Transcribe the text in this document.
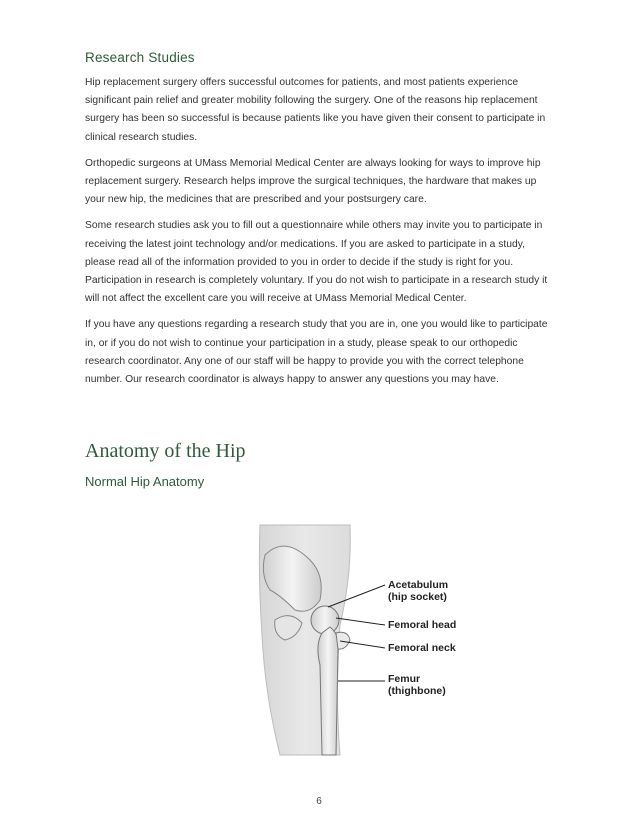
Research Studies

Hip replacement surgery offers successful outcomes for patients, and most patients experience significant pain relief and greater mobility following the surgery. One of the reasons hip replacement surgery has been so successful is because patients like you have given their consent to participate in clinical research studies.

Orthopedic surgeons at UMass Memorial Medical Center are always looking for ways to improve hip replacement surgery. Research helps improve the surgical techniques, the hardware that makes up your new hip, the medicines that are prescribed and your postsurgery care.

Some research studies ask you to fill out a questionnaire while others may invite you to participate in receiving the latest joint technology and/or medications. If you are asked to participate in a study, please read all of the information provided to you in order to decide if the study is right for you. Participation in research is completely voluntary. If you do not wish to participate in a research study it will not affect the excellent care you will receive at UMass Memorial Medical Center.

If you have any questions regarding a research study that you are in, one you would like to participate in, or if you do not wish to continue your participation in a study, please speak to our orthopedic research coordinator. Any one of our staff will be happy to provide you with the correct telephone number. Our research coordinator is always happy to answer any questions you may have.

Anatomy of the Hip
Normal Hip Anatomy
Acetabulum
(hip socket)
Femoral head
Femoral neck
Femur
(thighbone)
6
